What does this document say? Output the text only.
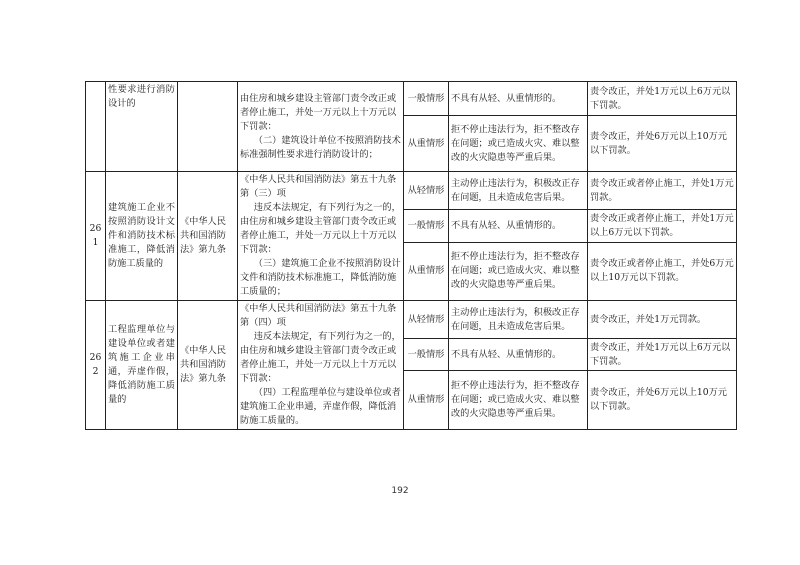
	性要求进行消防设计的		由住房和城乡建设主管部门责令改正或者停止施工，并处一万元以上十万元以下罚款：
（二）建筑设计单位不按照消防技术标准强制性要求进行消防设计的；	一般情形	不具有从轻、从重情形的。	责令改正，并处1万元以上6万元以下罚款。
				从重情形	拒不停止违法行为，拒不整改存在问题；或已造成火灾、难以整改的火灾隐患等严重后果。	责令改正，并处6万元以上10万元以下罚款。
261	建筑施工企业不按照消防设计文件和消防技术标准施工，降低消防施工质量的	《中华人民共和国消防法》第九条	《中华人民共和国消防法》第五十九条第（三）项
违反本法规定，有下列行为之一的，由住房和城乡建设主管部门责令改正或者停止施工，并处一万元以上十万元以下罚款：
（三）建筑施工企业不按照消防设计文件和消防技术标准施工，降低消防施工质量的；	从轻情形	主动停止违法行为，积极改正存在问题，且未造成危害后果。	责令改正或者停止施工，并处1万元罚款。
				一般情形	不具有从轻、从重情形的。	责令改正或者停止施工，并处1万元以上6万元以下罚款。
				从重情形	拒不停止违法行为，拒不整改存在问题；或已造成火灾、难以整改的火灾隐患等严重后果。	责令改正或者停止施工，并处6万元以上10万元以下罚款。
262	工程监理单位与建设单位或者建筑施工企业串通，弄虚作假，降低消防施工质量的	《中华人民共和国消防法》第九条	《中华人民共和国消防法》第五十九条第（四）项
违反本法规定，有下列行为之一的，由住房和城乡建设主管部门责令改正或者停止施工，并处一万元以上十万元以下罚款：
（四）工程监理单位与建设单位或者建筑施工企业串通，弄虚作假，降低消防施工质量的。	从轻情形	主动停止违法行为，积极改正存在问题，且未造成危害后果。	责令改正，并处1万元罚款。
				一般情形	不具有从轻、从重情形的。	责令改正，并处1万元以上6万元以下罚款。
				从重情形	拒不停止违法行为，拒不整改存在问题；或已造成火灾、难以整改的火灾隐患等严重后果。	责令改正，并处6万元以上10万元以下罚款。
192
